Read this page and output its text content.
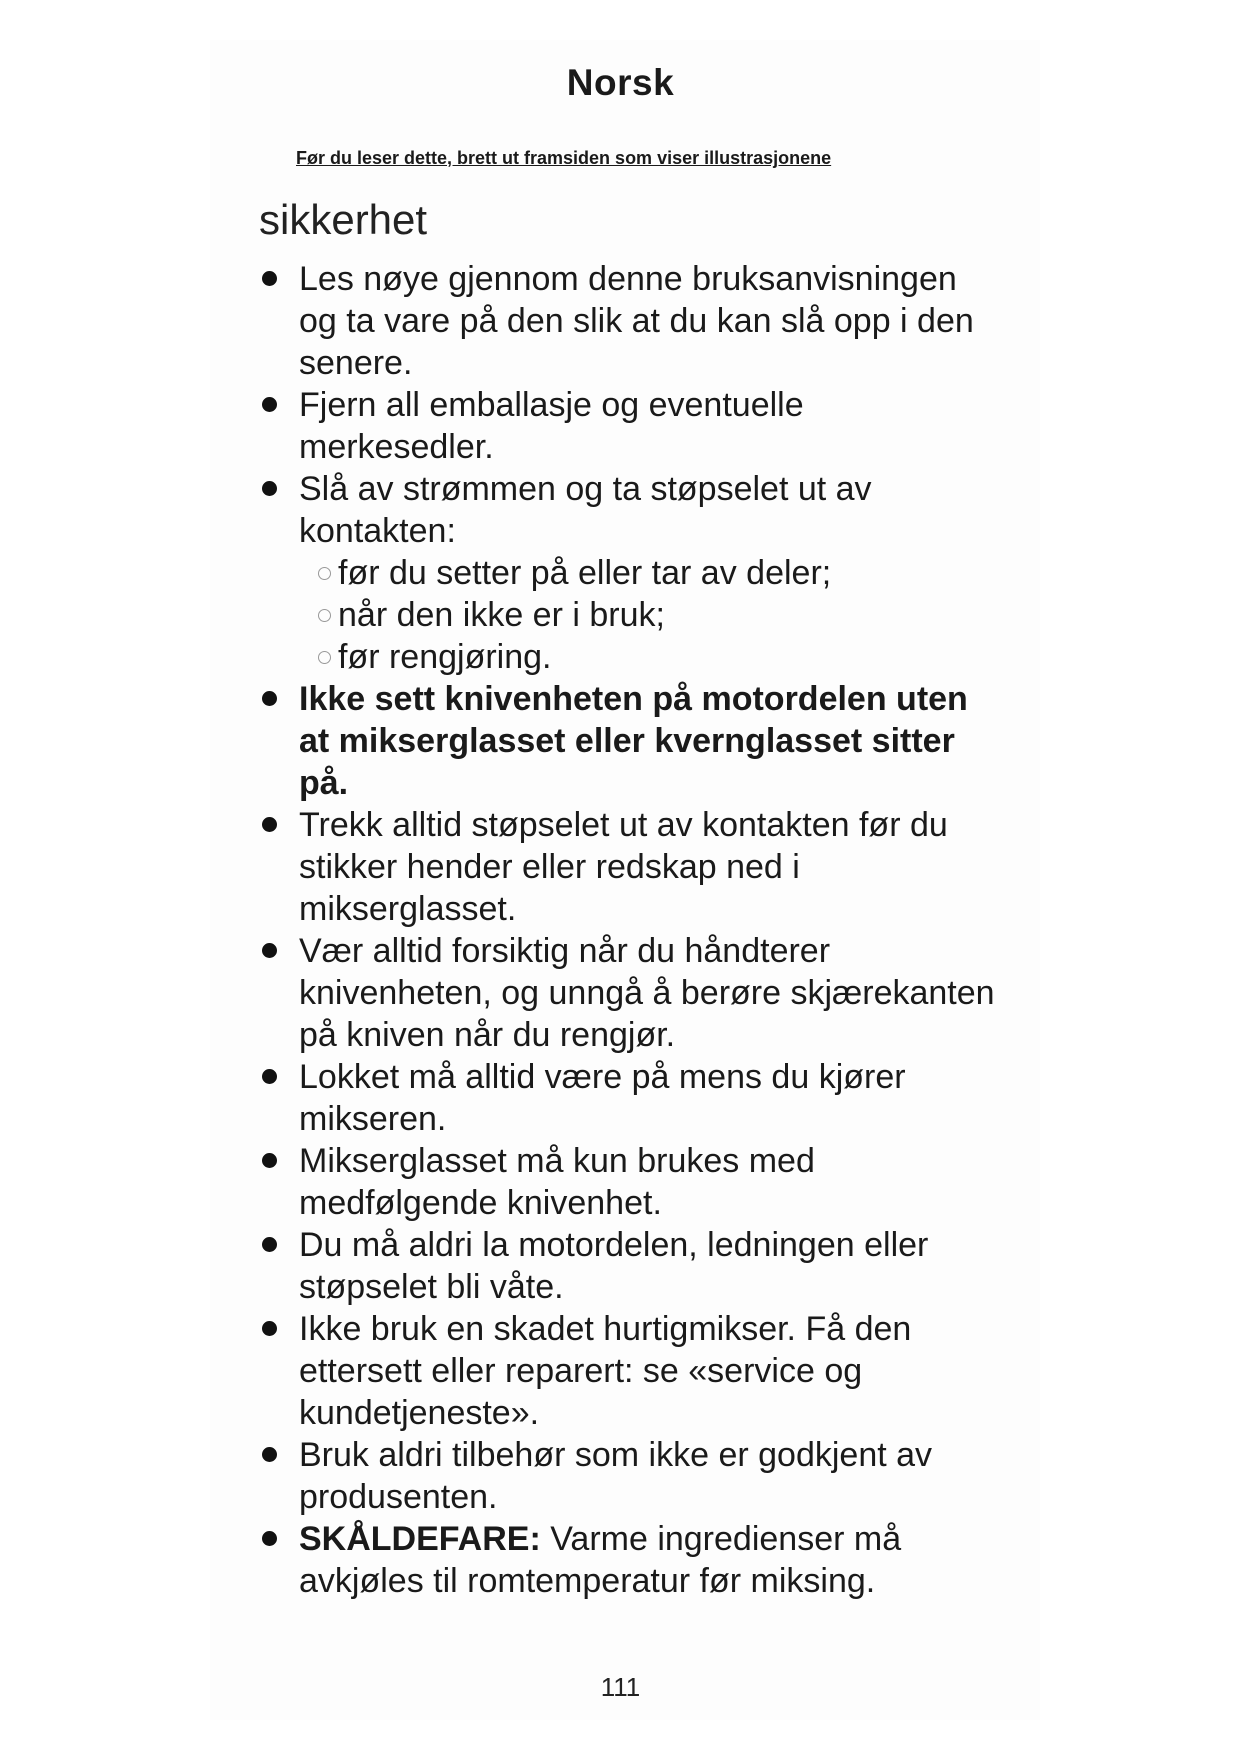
Norsk
Før du leser dette, brett ut framsiden som viser illustrasjonene
sikkerhet
Les nøye gjennom denne bruksanvisningen og ta vare på den slik at du kan slå opp i den senere.
Fjern all emballasje og eventuelle merkesedler.
Slå av strømmen og ta støpselet ut av kontakten:
før du setter på eller tar av deler;
når den ikke er i bruk;
før rengjøring.
Ikke sett knivenheten på motordelen uten at mikserglasset eller kvernglasset sitter på.
Trekk alltid støpselet ut av kontakten før du stikker hender eller redskap ned i mikserglasset.
Vær alltid forsiktig når du håndterer knivenheten, og unngå å berøre skjærekanten på kniven når du rengjør.
Lokket må alltid være på mens du kjører mikseren.
Mikserglasset må kun brukes med medfølgende knivenhet.
Du må aldri la motordelen, ledningen eller støpselet bli våte.
Ikke bruk en skadet hurtigmikser. Få den ettersett eller reparert: se «service og kundetjeneste».
Bruk aldri tilbehør som ikke er godkjent av produsenten.
SKÅLDEFARE: Varme ingredienser må avkjøles til romtemperatur før miksing.
111
